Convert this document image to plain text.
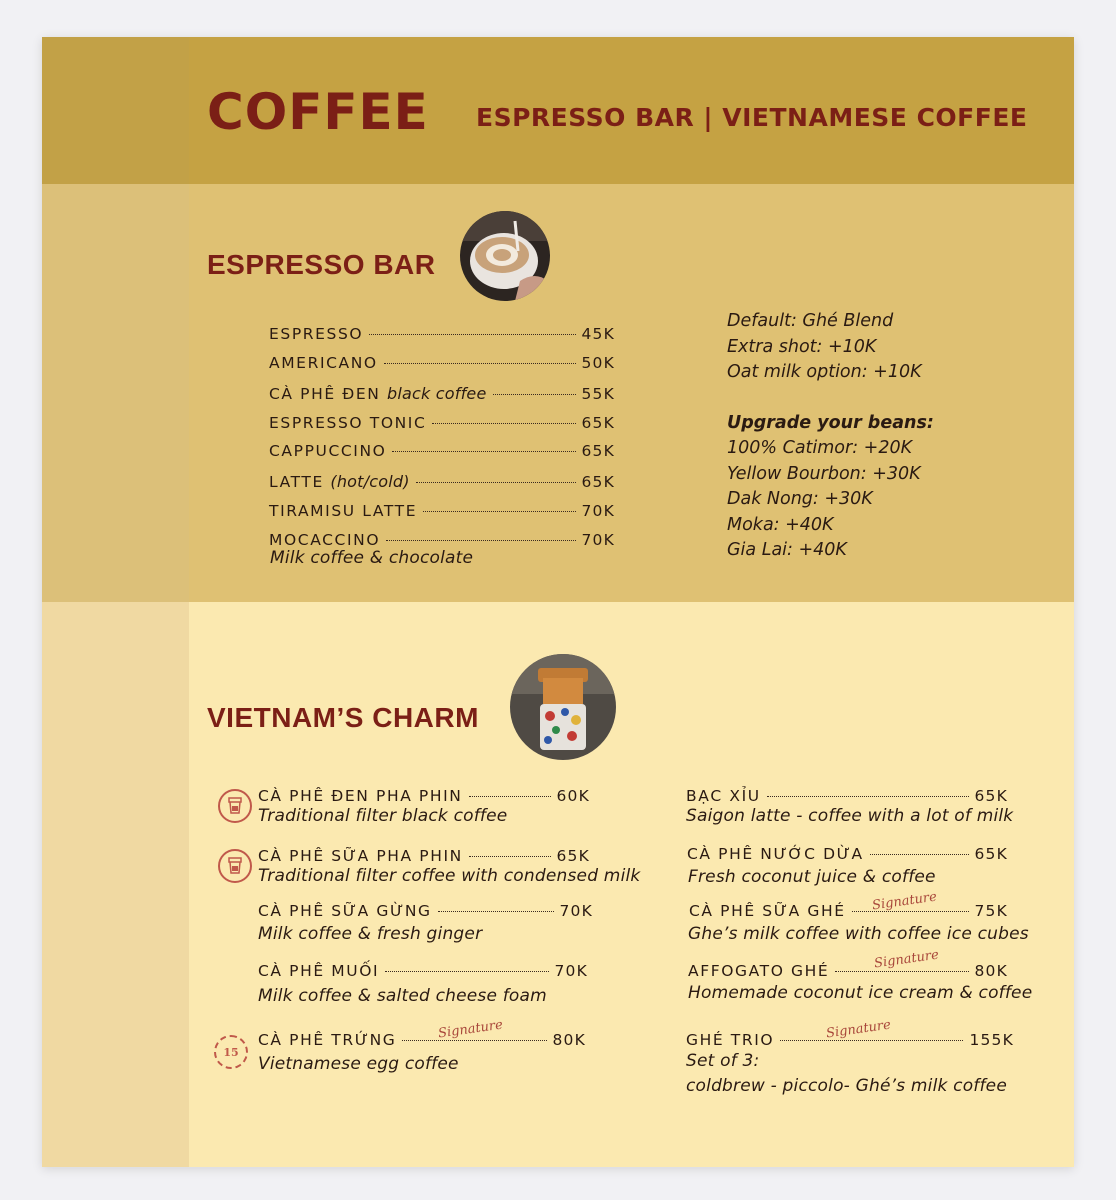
COFFEE ESPRESSO BAR | VIETNAMESE COFFEE
ESPRESSO BAR
ESPRESSO	45K
AMERICANO	50K
CÀ PHÊ ĐEN black coffee	55K
ESPRESSO TONIC	65K
CAPPUCCINO	65K
LATTE (hot/cold)	65K
TIRAMISU LATTE	70K
MOCACCINO	70K
Milk coffee & chocolate
Default: Ghé Blend
Extra shot: +10K
Oat milk option: +10K
Upgrade your beans:
100% Catimor: +20K
Yellow Bourbon: +30K
Dak Nong: +30K
Moka: +40K
Gia Lai: +40K
VIETNAM’S CHARM
CÀ PHÊ ĐEN PHA PHIN	60K
Traditional filter black coffee
CÀ PHÊ SỮA PHA PHIN	65K
Traditional filter coffee with condensed milk
CÀ PHÊ SỮA GỪNG	70K
Milk coffee & fresh ginger
CÀ PHÊ MUỐI	70K
Milk coffee & salted cheese foam
15
CÀ PHÊ TRỨNG	80K
Signature
Vietnamese egg coffee
BẠC XỈU	65K
Saigon latte - coffee with a lot of milk
CÀ PHÊ NƯỚC DỪA	65K
Fresh coconut juice & coffee
CÀ PHÊ SỮA GHÉ	75K
Signature
Ghe’s milk coffee with coffee ice cubes
AFFOGATO GHÉ	80K
Signature
Homemade coconut ice cream & coffee
GHÉ TRIO	155K
Signature
Set of 3:
coldbrew - piccolo- Ghé’s milk coffee
